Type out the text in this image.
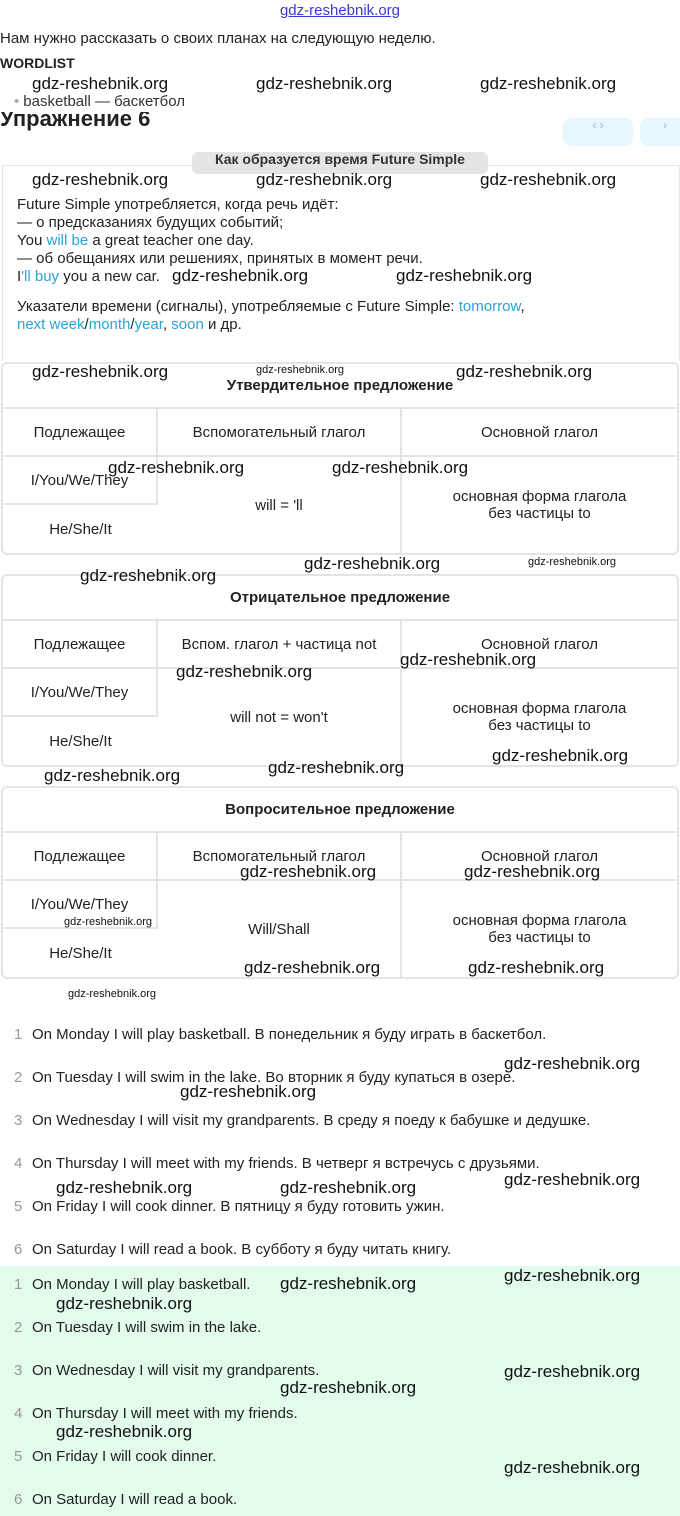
gdz-reshebnik.org
Нам нужно рассказать о своих планах на следующую неделю.
WORDLIST
• basketball — баскетбол
Упражнение 6	‹ ›	›
Как образуется время Future Simple
Future Simple употребляется, когда речь идёт:
— о предсказаниях будущих событий;
You will be a great teacher one day.
— об обещаниях или решениях, принятых в момент речи.
I'll buy you a new car.
Указатели времени (сигналы), употребляемые с Future Simple: tomorrow,
next week/month/year, soon и др.
Утвердительное предложение		
Подлежащее	Вспомогательный глагол	Основной глагол
I/You/We/They	will = 'll	основная форма глагола без частицы to
He/She/It		
Отрицательное предложение		
Подлежащее	Вспом. глагол + частица not	Основной глагол
I/You/We/They	will not = won't	основная форма глагола без частицы to
He/She/It		
Вопросительное предложение		
Подлежащее	Вспомогательный глагол	Основной глагол
I/You/We/They	Will/Shall	основная форма глагола без частицы to
He/She/It		
1 On Monday I will play basketball. В понедельник я буду играть в баскетбол.
2 On Tuesday I will swim in the lake. Во вторник я буду купаться в озере.
3 On Wednesday I will visit my grandparents. В среду я поеду к бабушке и дедушке.
4 On Thursday I will meet with my friends. В четверг я встречусь с друзьями.
5 On Friday I will cook dinner. В пятницу я буду готовить ужин.
6 On Saturday I will read a book. В субботу я буду читать книгу.
1 On Monday I will play basketball.
2 On Tuesday I will swim in the lake.
3 On Wednesday I will visit my grandparents.
4 On Thursday I will meet with my friends.
5 On Friday I will cook dinner.
6 On Saturday I will read a book.
gdz-reshebnik.org	gdz-reshebnik.org	gdz-reshebnik.org
gdz-reshebnik.org	gdz-reshebnik.org	gdz-reshebnik.org
gdz-reshebnik.org	gdz-reshebnik.org
gdz-reshebnik.org	gdz-reshebnik.org	gdz-reshebnik.org
gdz-reshebnik.org	gdz-reshebnik.org
gdz-reshebnik.org	gdz-reshebnik.org
gdz-reshebnik.org
gdz-reshebnik.org
gdz-reshebnik.org
gdz-reshebnik.org
gdz-reshebnik.org
gdz-reshebnik.org
gdz-reshebnik.org	gdz-reshebnik.org
gdz-reshebnik.org
gdz-reshebnik.org	gdz-reshebnik.org
gdz-reshebnik.org
gdz-reshebnik.org
gdz-reshebnik.org
gdz-reshebnik.org
gdz-reshebnik.org	gdz-reshebnik.org
gdz-reshebnik.org
gdz-reshebnik.org
gdz-reshebnik.org
gdz-reshebnik.org
gdz-reshebnik.org
gdz-reshebnik.org
gdz-reshebnik.org
